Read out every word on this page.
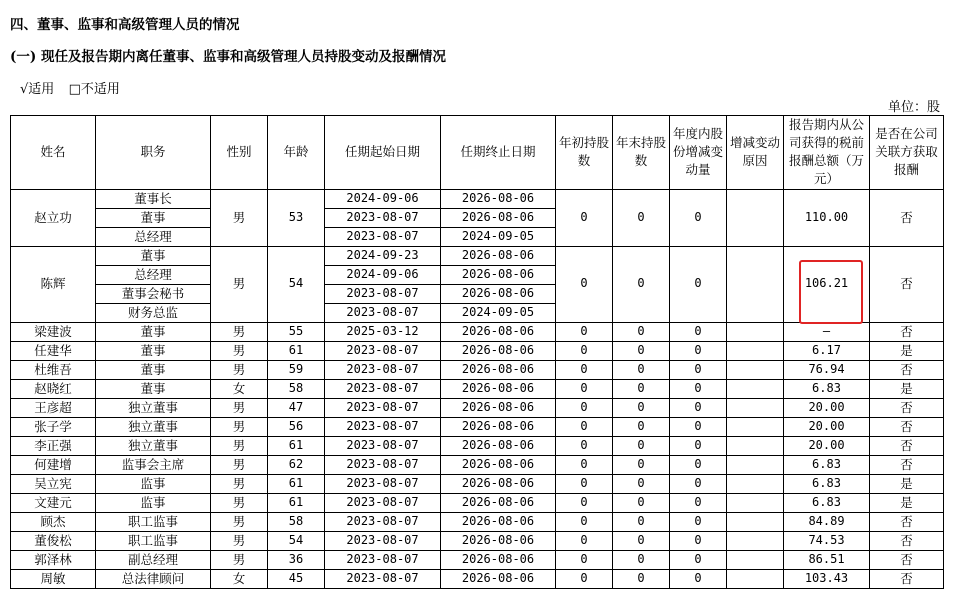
四、董事、监事和高级管理人员的情况
(一) 现任及报告期内离任董事、监事和高级管理人员持股变动及报酬情况
√适用 □不适用
单位：股
姓名	职务	性别	年龄	任期起始日期	任期终止日期	年初持股数	年末持股数	年度内股份增减变动量	增减变动原因	报告期内从公司获得的税前报酬总额（万元）	是否在公司关联方获取报酬
赵立功	董事长	男	53	2024-09-06	2026-08-06	0	0	0		110.00	否
	董事			2023-08-07	2026-08-06						
	总经理			2023-08-07	2024-09-05						
陈辉	董事	男	54	2024-09-23	2026-08-06	0	0	0		106.21	否
	总经理			2024-09-06	2026-08-06						
	董事会秘书			2023-08-07	2026-08-06						
	财务总监			2023-08-07	2024-09-05						
梁建波	董事	男	55	2025-03-12	2026-08-06	0	0	0		–	否
任建华	董事	男	61	2023-08-07	2026-08-06	0	0	0		6.17	是
杜维吾	董事	男	59	2023-08-07	2026-08-06	0	0	0		76.94	否
赵晓红	董事	女	58	2023-08-07	2026-08-06	0	0	0		6.83	是
王彦超	独立董事	男	47	2023-08-07	2026-08-06	0	0	0		20.00	否
张子学	独立董事	男	56	2023-08-07	2026-08-06	0	0	0		20.00	否
李正强	独立董事	男	61	2023-08-07	2026-08-06	0	0	0		20.00	否
何建增	监事会主席	男	62	2023-08-07	2026-08-06	0	0	0		6.83	否
吴立宪	监事	男	61	2023-08-07	2026-08-06	0	0	0		6.83	是
文建元	监事	男	61	2023-08-07	2026-08-06	0	0	0		6.83	是
顾杰	职工监事	男	58	2023-08-07	2026-08-06	0	0	0		84.89	否
董俊松	职工监事	男	54	2023-08-07	2026-08-06	0	0	0		74.53	否
郭泽林	副总经理	男	36	2023-08-07	2026-08-06	0	0	0		86.51	否
周敏	总法律顾问	女	45	2023-08-07	2026-08-06	0	0	0		103.43	否
